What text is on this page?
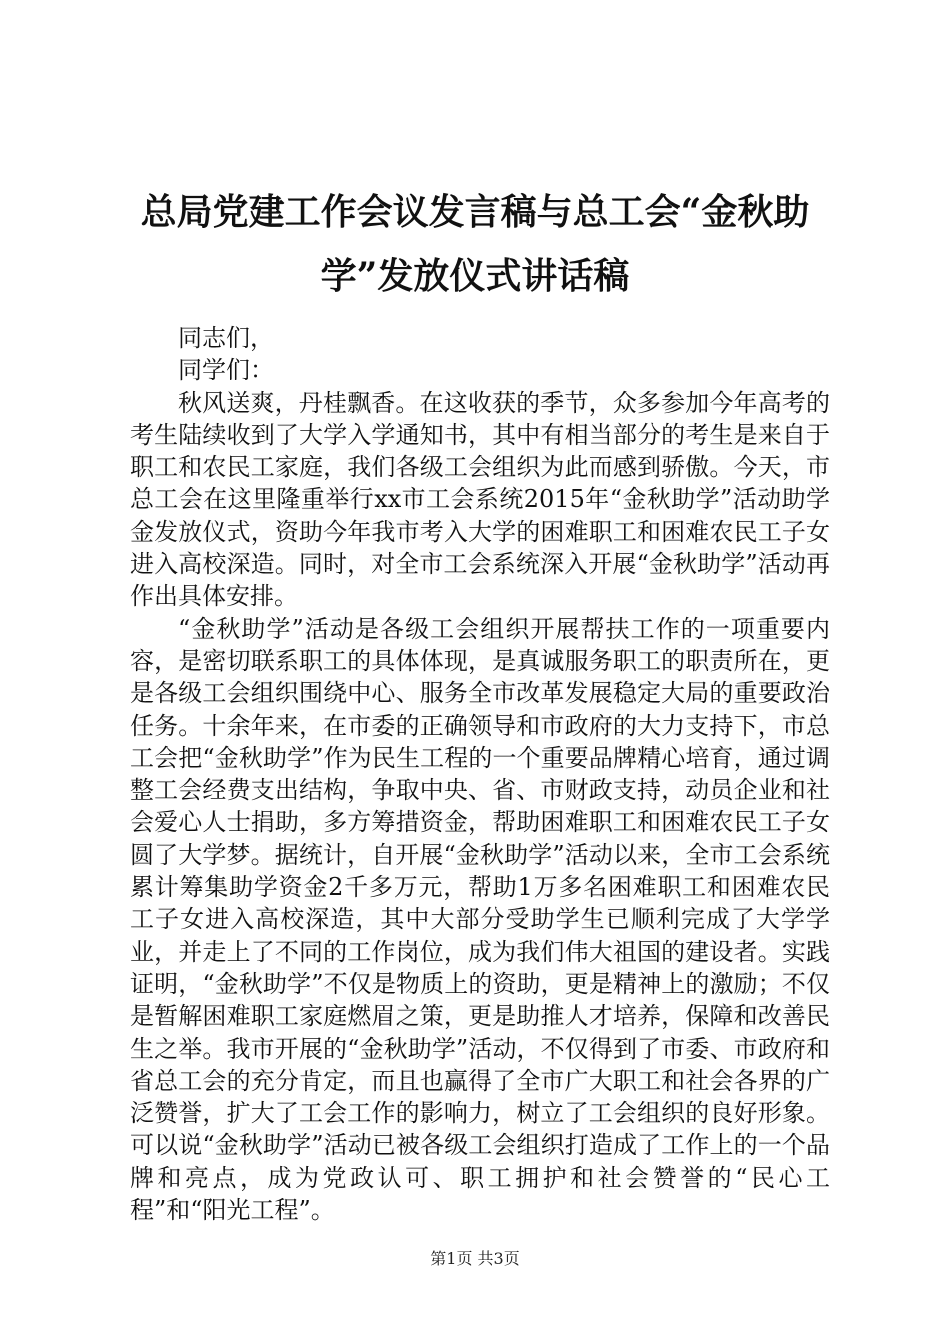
总局党建工作会议发言稿与总工会“金秋助
学”发放仪式讲话稿

同志们，

同学们：

秋风送爽，丹桂飘香。在这收获的季节，众多参加今年高考的考生陆续收到了大学入学通知书，其中有相当部分的考生是来自于职工和农民工家庭，我们各级工会组织为此而感到骄傲。今天，市总工会在这里隆重举行xx市工会系统2015年“金秋助学”活动助学金发放仪式，资助今年我市考入大学的困难职工和困难农民工子女进入高校深造。同时，对全市工会系统深入开展“金秋助学”活动再作出具体安排。

“金秋助学”活动是各级工会组织开展帮扶工作的一项重要内容，是密切联系职工的具体体现，是真诚服务职工的职责所在，更是各级工会组织围绕中心、服务全市改革发展稳定大局的重要政治任务。十余年来，在市委的正确领导和市政府的大力支持下，市总工会把“金秋助学”作为民生工程的一个重要品牌精心培育，通过调整工会经费支出结构，争取中央、省、市财政支持，动员企业和社会爱心人士捐助，多方筹措资金，帮助困难职工和困难农民工子女圆了大学梦。据统计，自开展“金秋助学”活动以来，全市工会系统累计筹集助学资金2千多万元，帮助1万多名困难职工和困难农民工子女进入高校深造，其中大部分受助学生已顺利完成了大学学业，并走上了不同的工作岗位，成为我们伟大祖国的建设者。实践证明，“金秋助学”不仅是物质上的资助，更是精神上的激励；不仅是暂解困难职工家庭燃眉之策，更是助推人才培养，保障和改善民生之举。我市开展的“金秋助学”活动，不仅得到了市委、市政府和省总工会的充分肯定，而且也赢得了全市广大职工和社会各界的广泛赞誉，扩大了工会工作的影响力，树立了工会组织的良好形象。可以说“金秋助学”活动已被各级工会组织打造成了工作上的一个品牌和亮点，成为党政认可、职工拥护和社会赞誉的“民心工程”和“阳光工程”。

第1页 共3页
